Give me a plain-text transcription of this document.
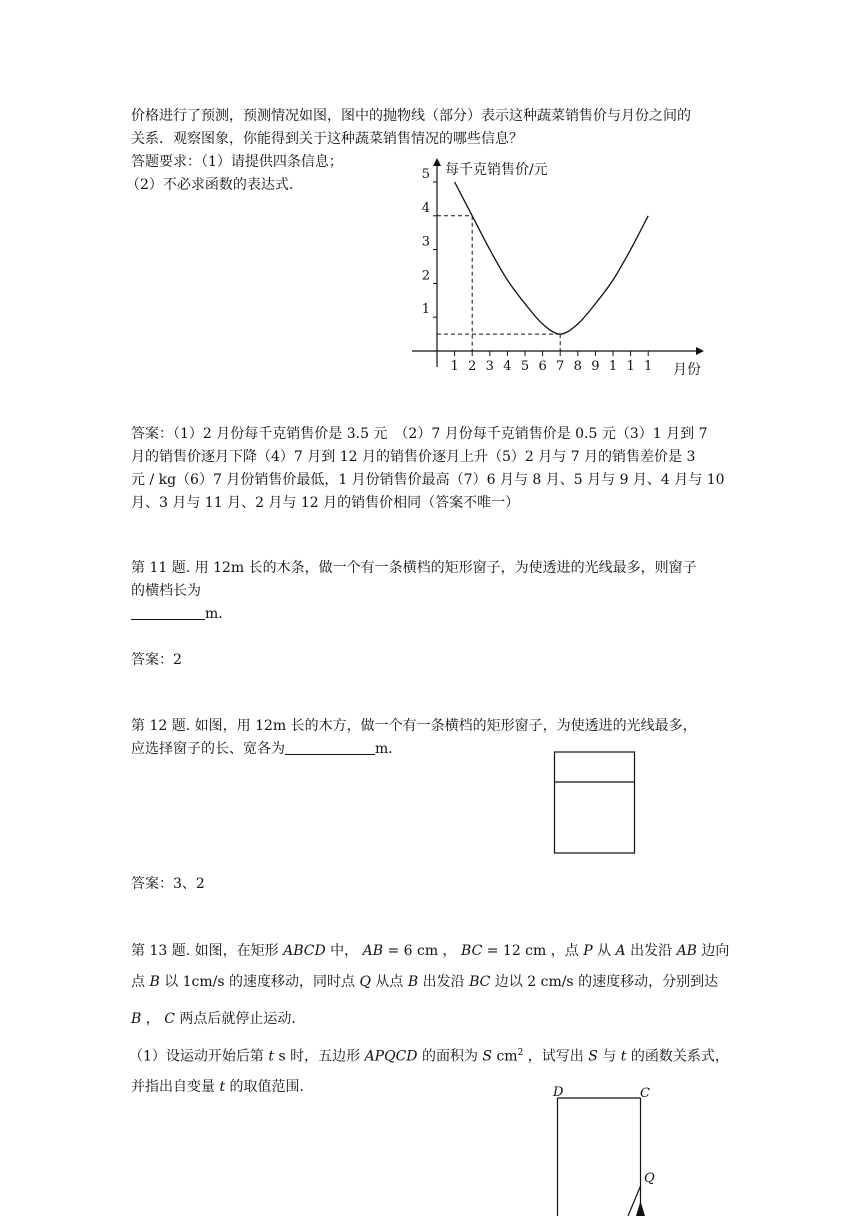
价格进行了预测，预测情况如图，图中的抛物线（部分）表示这种蔬菜销售价与月份之间的
关系．观察图象，你能得到关于这种蔬菜销售情况的哪些信息？
答题要求：（1）请提供四条信息；
（2）不必求函数的表达式．
每千克销售价/元
月份
1 2 3 4 5 6 7 8 9 1 1 1
1
2
3
4
5
答案：（1）2 月份每千克销售价是 3.5 元　（2）7 月份每千克销售价是 0.5 元（3）1 月到 7
月的销售价逐月下降（4）7 月到 12 月的销售价逐月上升（5）2 月与 7 月的销售差价是 3
元 / kg（6）7 月份销售价最低，1 月份销售价最高（7）6 月与 8 月、5 月与 9 月、4 月与 10
月、3 月与 11 月、2 月与 12 月的销售价相同（答案不唯一）
第 11 题. 用 12m 长的木条，做一个有一条横档的矩形窗子，为使透进的光线最多，则窗子
的横档长为
m．
答案：2
第 12 题. 如图，用 12m 长的木方，做一个有一条横档的矩形窗子，为使透进的光线最多，
应选择窗子的长、宽各为	m．
答案：3、2
第 13 题. 如图，在矩形 ABCD 中， AB = 6 cm ， BC = 12 cm ，点 P 从 A 出发沿 AB 边向
点 B 以 1cm/s 的速度移动，同时点 Q 从点 B 出发沿 BC 边以 2 cm/s 的速度移动，分别到达
B ， C 两点后就停止运动．
（1）设运动开始后第 t s 时，五边形 APQCD 的面积为 S $cm^2$ ，试写出 S 与 t 的函数关系式，
并指出自变量 t 的取值范围．	D	C
Q
